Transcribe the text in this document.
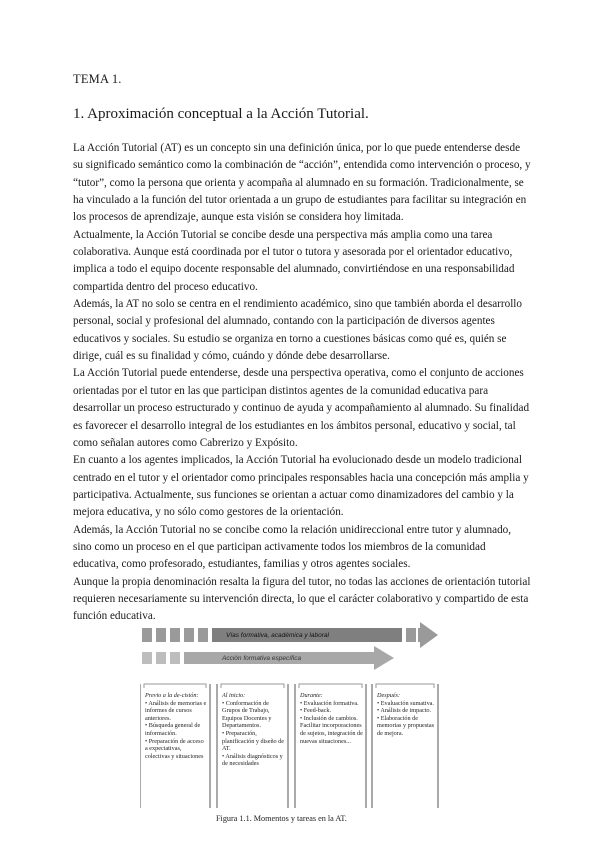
TEMA 1.
1. Aproximación conceptual a la Acción Tutorial.

La Acción Tutorial (AT) es un concepto sin una definición única, por lo que puede entenderse desde su significado semántico como la combinación de “acción”, entendida como intervención o proceso, y “tutor”, como la persona que orienta y acompaña al alumnado en su formación. Tradicionalmente, se ha vinculado a la función del tutor orientada a un grupo de estudiantes para facilitar su integración en los procesos de aprendizaje, aunque esta visión se considera hoy limitada.

Actualmente, la Acción Tutorial se concibe desde una perspectiva más amplia como una tarea colaborativa. Aunque está coordinada por el tutor o tutora y asesorada por el orientador educativo, implica a todo el equipo docente responsable del alumnado, convirtiéndose en una responsabilidad compartida dentro del proceso educativo.

Además, la AT no solo se centra en el rendimiento académico, sino que también aborda el desarrollo personal, social y profesional del alumnado, contando con la participación de diversos agentes educativos y sociales. Su estudio se organiza en torno a cuestiones básicas como qué es, quién se dirige, cuál es su finalidad y cómo, cuándo y dónde debe desarrollarse.

La Acción Tutorial puede entenderse, desde una perspectiva operativa, como el conjunto de acciones orientadas por el tutor en las que participan distintos agentes de la comunidad educativa para desarrollar un proceso estructurado y continuo de ayuda y acompañamiento al alumnado. Su finalidad es favorecer el desarrollo integral de los estudiantes en los ámbitos personal, educativo y social, tal como señalan autores como Cabrerizo y Expósito.

En cuanto a los agentes implicados, la Acción Tutorial ha evolucionado desde un modelo tradicional centrado en el tutor y el orientador como principales responsables hacia una concepción más amplia y participativa. Actualmente, sus funciones se orientan a actuar como dinamizadores del cambio y la mejora educativa, y no sólo como gestores de la orientación.

Además, la Acción Tutorial no se concibe como la relación unidireccional entre tutor y alumnado, sino como un proceso en el que participan activamente todos los miembros de la comunidad educativa, como profesorado, estudiantes, familias y otros agentes sociales.

Aunque la propia denominación resalta la figura del tutor, no todas las acciones de orientación tutorial requieren necesariamente su intervención directa, lo que el carácter colaborativo y compartido de esta función educativa.

Vías formativa, académica y laboral
Acción formativa específica
Previo a la de-cisión:
• Análisis de memorias e informes de cursos anteriores.
• Búsqueda general de información.
• Preparación de acceso a expectativas, colectivas y situaciones
Al inicio:
• Conformación de Grupos de Trabajo, Equipos Docentes y Departamentos.
• Preparación, planificación y diseño de AT.
• Análisis diagnósticos y de necesidades
Durante:
• Evaluación formativa.
• Feed-back.
• Inclusión de cambios. Facilitar incorporaciones de sujetos, integración de nuevas situaciones...
Después:
• Evaluación sumativa.
• Análisis de impacto.
• Elaboración de memorias y propuestas de mejora.
Figura 1.1. Momentos y tareas en la AT.
